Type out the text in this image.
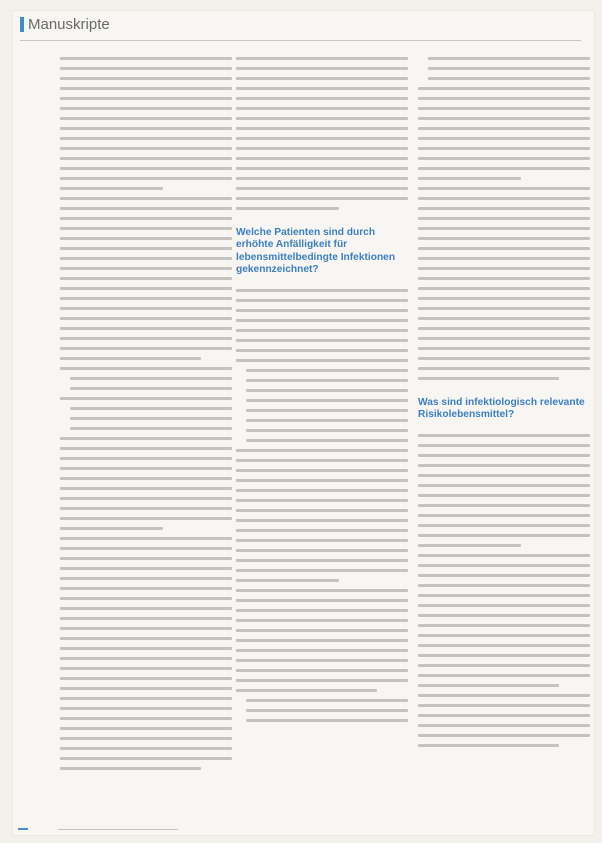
Manuskripte
Welche Patienten sind durch erhöhte Anfälligkeit für lebensmittelbedingte Infektionen gekennzeichnet?
Was sind infektiologisch relevante Risikolebensmittel?
